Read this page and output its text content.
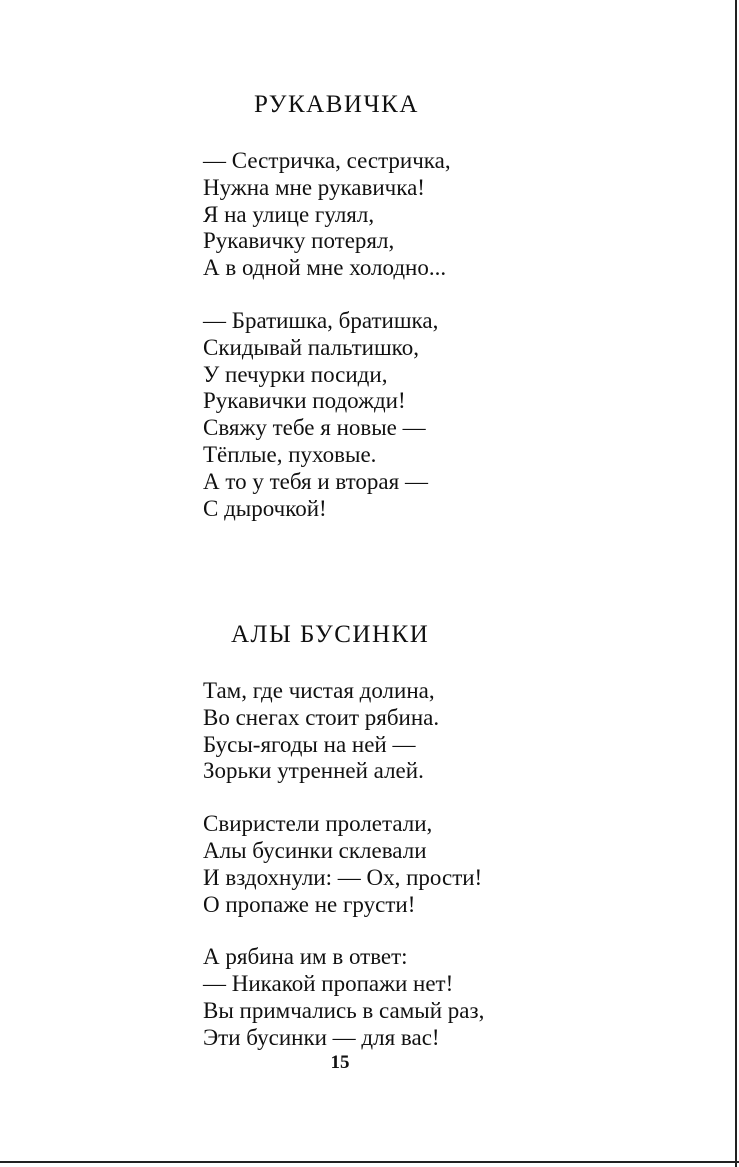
РУКАВИЧКА
— Сестричка, сестричка,
Нужна мне рукавичка!
Я на улице гулял,
Рукавичку потерял,
А в одной мне холодно...
— Братишка, братишка,
Скидывай пальтишко,
У печурки посиди,
Рукавички подожди!
Свяжу тебе я новые —
Тёплые, пуховые.
А то у тебя и вторая —
С дырочкой!
АЛЫ БУСИНКИ
Там, где чистая долина,
Во снегах стоит рябина.
Бусы-ягоды на ней —
Зорьки утренней алей.
Свиристели пролетали,
Алы бусинки склевали
И вздохнули: — Ох, прости!
О пропаже не грусти!
А рябина им в ответ:
— Никакой пропажи нет!
Вы примчались в самый раз,
Эти бусинки — для вас!
15
